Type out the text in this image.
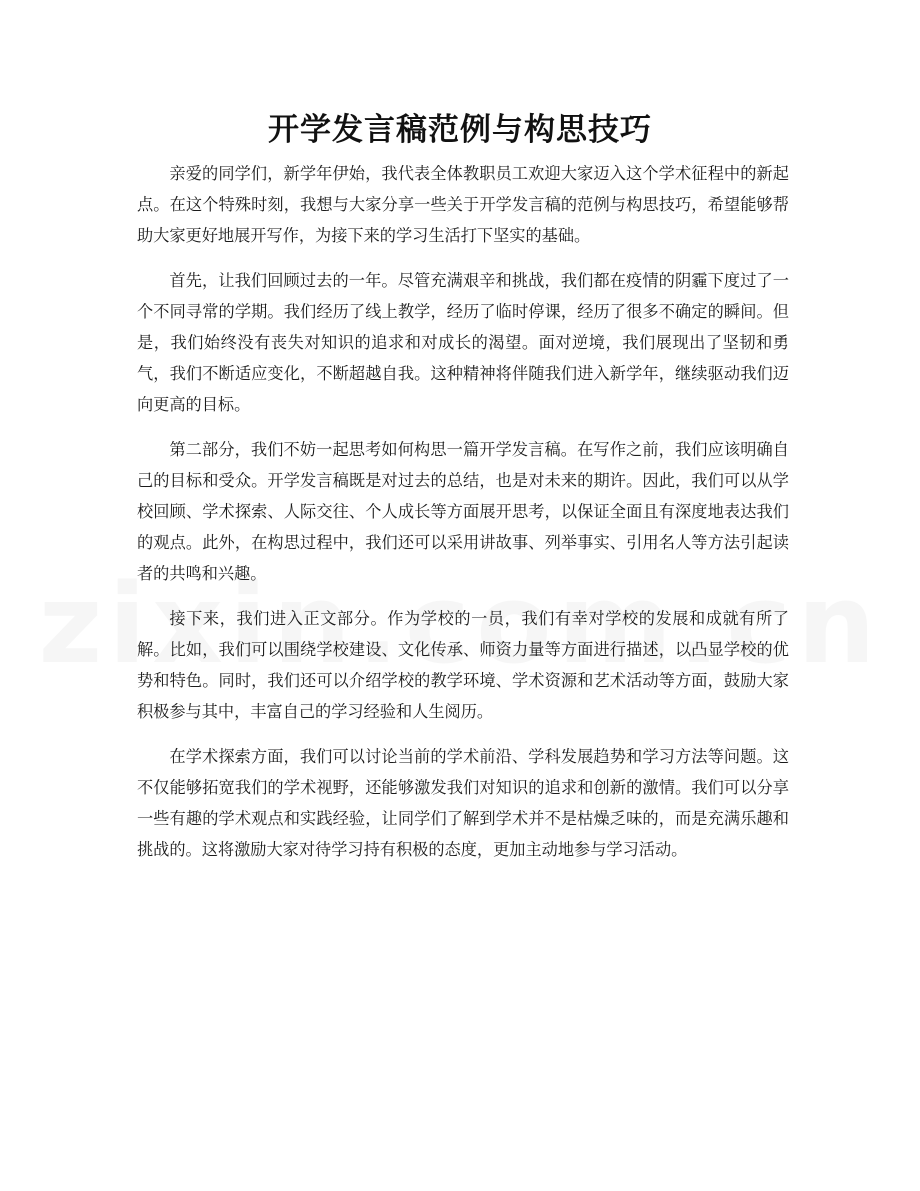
开学发言稿范例与构思技巧

亲爱的同学们，新学年伊始，我代表全体教职员工欢迎大家迈入这个学术征程中的新起点。在这个特殊时刻，我想与大家分享一些关于开学发言稿的范例与构思技巧，希望能够帮助大家更好地展开写作，为接下来的学习生活打下坚实的基础。

首先，让我们回顾过去的一年。尽管充满艰辛和挑战，我们都在疫情的阴霾下度过了一个不同寻常的学期。我们经历了线上教学，经历了临时停课，经历了很多不确定的瞬间。但是，我们始终没有丧失对知识的追求和对成长的渴望。面对逆境，我们展现出了坚韧和勇气，我们不断适应变化，不断超越自我。这种精神将伴随我们进入新学年，继续驱动我们迈向更高的目标。

第二部分，我们不妨一起思考如何构思一篇开学发言稿。在写作之前，我们应该明确自己的目标和受众。开学发言稿既是对过去的总结，也是对未来的期许。因此，我们可以从学校回顾、学术探索、人际交往、个人成长等方面展开思考，以保证全面且有深度地表达我们的观点。此外，在构思过程中，我们还可以采用讲故事、列举事实、引用名人等方法引起读者的共鸣和兴趣。

接下来，我们进入正文部分。作为学校的一员，我们有幸对学校的发展和成就有所了解。比如，我们可以围绕学校建设、文化传承、师资力量等方面进行描述，以凸显学校的优势和特色。同时，我们还可以介绍学校的教学环境、学术资源和艺术活动等方面，鼓励大家积极参与其中，丰富自己的学习经验和人生阅历。

在学术探索方面，我们可以讨论当前的学术前沿、学科发展趋势和学习方法等问题。这不仅能够拓宽我们的学术视野，还能够激发我们对知识的追求和创新的激情。我们可以分享一些有趣的学术观点和实践经验，让同学们了解到学术并不是枯燥乏味的，而是充满乐趣和挑战的。这将激励大家对待学习持有积极的态度，更加主动地参与学习活动。
